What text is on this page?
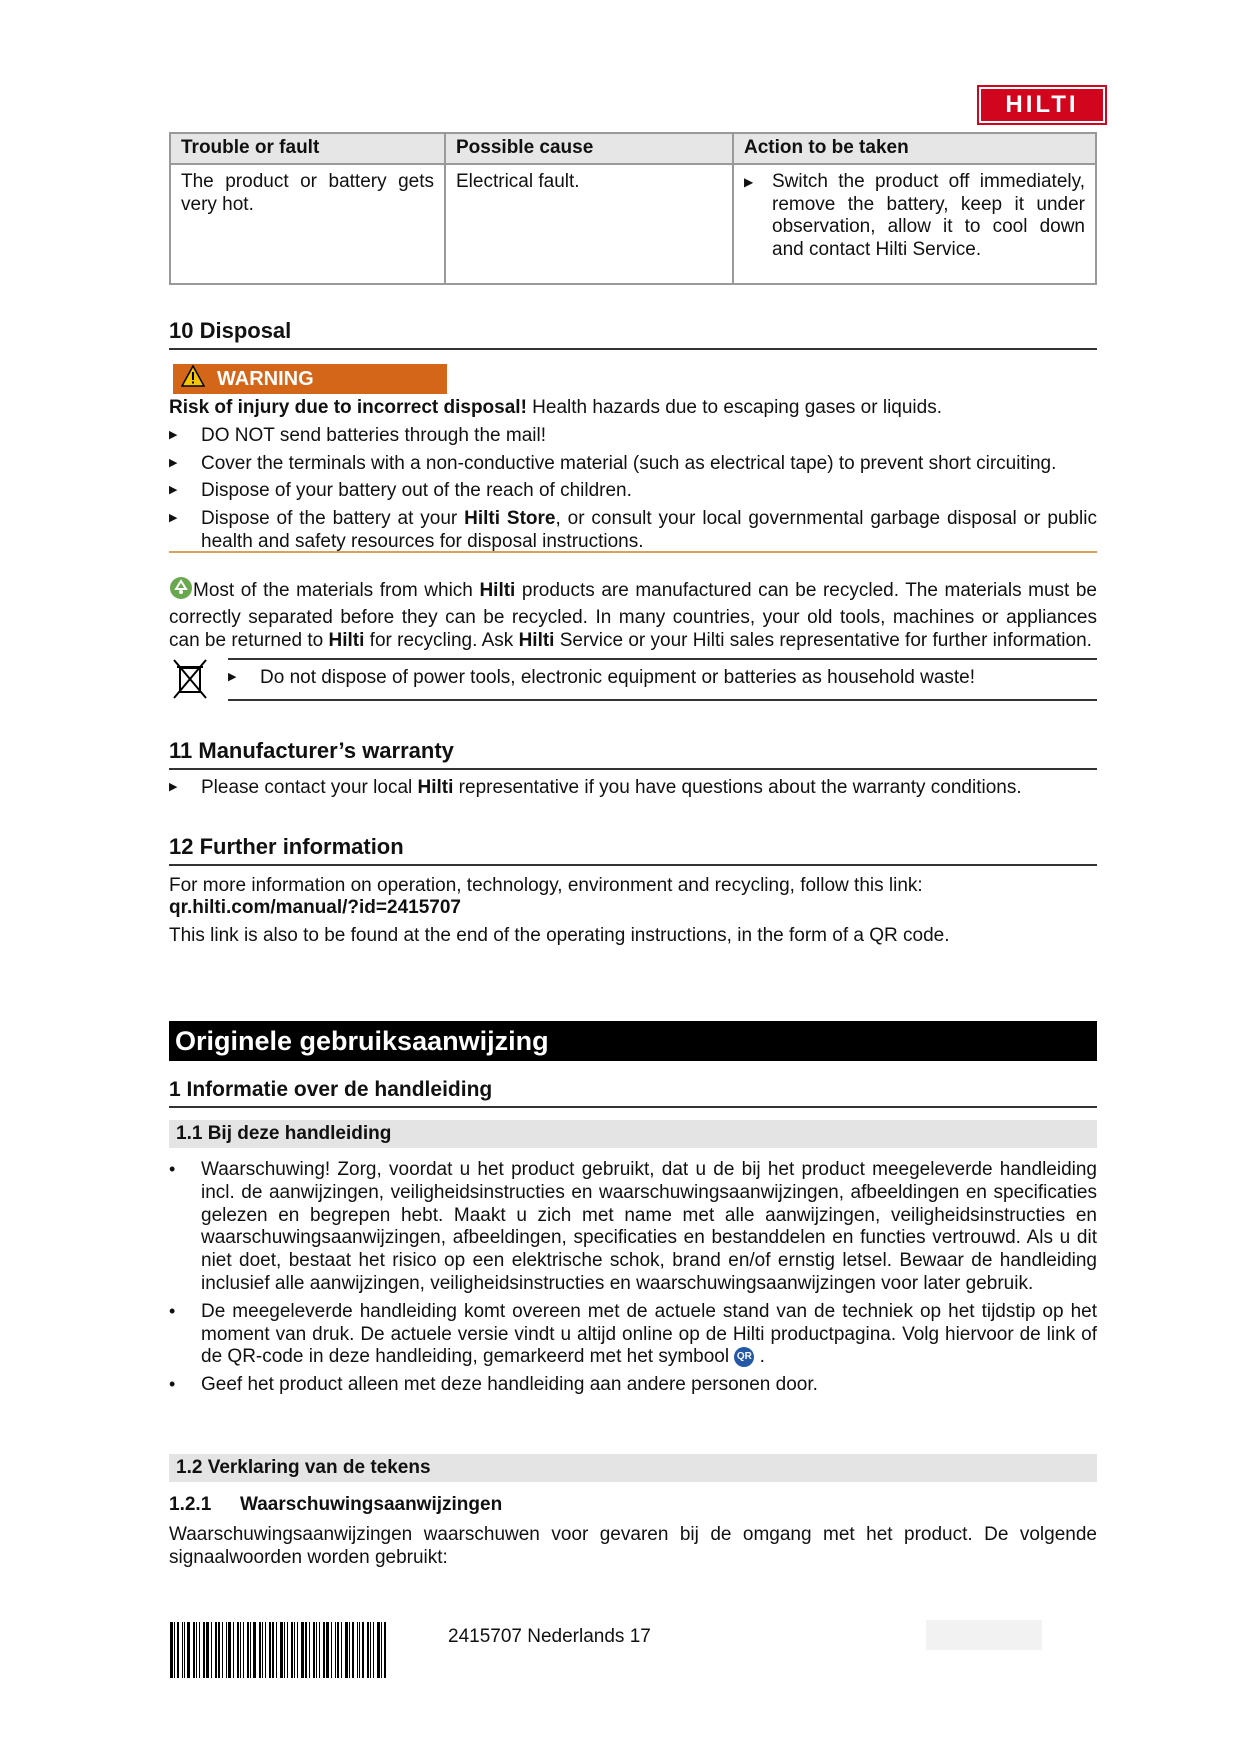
HILTI
Trouble or fault	Possible cause	Action to be taken
The product or battery gets very hot.	Electrical fault.	▶ Switch the product off immediately, remove the battery, keep it under observation, allow it to cool down and contact Hilti Service.
10 Disposal
WARNING
Risk of injury due to incorrect disposal! Health hazards due to escaping gases or liquids.
▶	DO NOT send batteries through the mail!
▶	Cover the terminals with a non-conductive material (such as electrical tape) to prevent short circuiting.
▶	Dispose of your battery out of the reach of children.
▶	Dispose of the battery at your Hilti Store, or consult your local governmental garbage disposal or public health and safety resources for disposal instructions.
Most of the materials from which Hilti products are manufactured can be recycled. The materials must be correctly separated before they can be recycled. In many countries, your old tools, machines or appliances can be returned to Hilti for recycling. Ask Hilti Service or your Hilti sales representative for further information.
▶	Do not dispose of power tools, electronic equipment or batteries as household waste!
11 Manufacturer’s warranty
▶	Please contact your local Hilti representative if you have questions about the warranty conditions.
12 Further information
For more information on operation, technology, environment and recycling, follow this link:
qr.hilti.com/manual/?id=2415707
This link is also to be found at the end of the operating instructions, in the form of a QR code.
Originele gebruiksaanwijzing
1 Informatie over de handleiding
1.1 Bij deze handleiding
•	Waarschuwing! Zorg, voordat u het product gebruikt, dat u de bij het product meegeleverde handleiding incl. de aanwijzingen, veiligheidsinstructies en waarschuwingsaanwijzingen, afbeeldingen en specificaties gelezen en begrepen hebt. Maakt u zich met name met alle aanwijzingen, veiligheidsinstructies en waarschuwingsaanwijzingen, afbeeldingen, specificaties en bestanddelen en functies vertrouwd. Als u dit niet doet, bestaat het risico op een elektrische schok, brand en/of ernstig letsel. Bewaar de handleiding inclusief alle aanwijzingen, veiligheidsinstructies en waarschuwingsaanwijzingen voor later gebruik.
•	De meegeleverde handleiding komt overeen met de actuele stand van de techniek op het tijdstip op het moment van druk. De actuele versie vindt u altijd online op de Hilti productpagina. Volg hiervoor de link of de QR-code in deze handleiding, gemarkeerd met het symbool QR .
•	Geef het product alleen met deze handleiding aan andere personen door.
1.2 Verklaring van de tekens
1.2.1 Waarschuwingsaanwijzingen
Waarschuwingsaanwijzingen waarschuwen voor gevaren bij de omgang met het product. De volgende signaalwoorden worden gebruikt:
2415707 Nederlands 17
